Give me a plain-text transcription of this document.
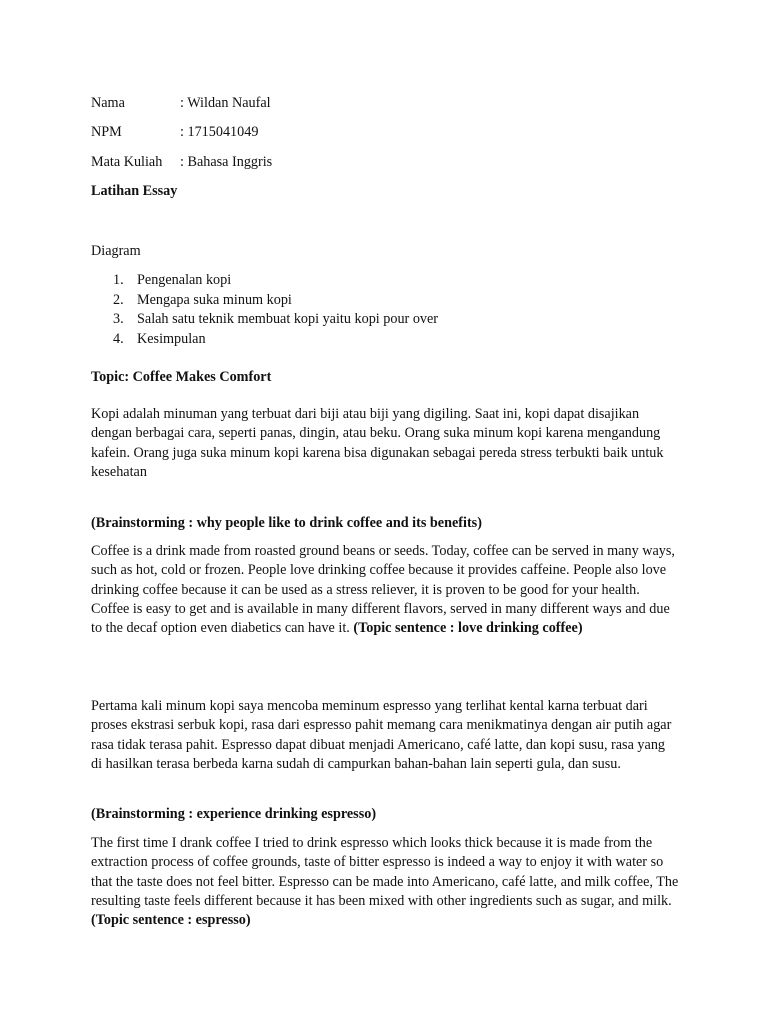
Nama	: Wildan Naufal
NPM	: 1715041049
Mata Kuliah	: Bahasa Inggris
Latihan Essay
Diagram
1. Pengenalan kopi
2. Mengapa suka minum kopi
3. Salah satu teknik membuat kopi yaitu kopi pour over
4. Kesimpulan
Topic: Coffee Makes Comfort

Kopi adalah minuman yang terbuat dari biji atau biji yang digiling. Saat ini, kopi dapat disajikan dengan berbagai cara, seperti panas, dingin, atau beku. Orang suka minum kopi karena mengandung kafein. Orang juga suka minum kopi karena bisa digunakan sebagai pereda stress terbukti baik untuk kesehatan

(Brainstorming : why people like to drink coffee and its benefits)

Coffee is a drink made from roasted ground beans or seeds. Today, coffee can be served in many ways, such as hot, cold or frozen. People love drinking coffee because it provides caffeine. People also love drinking coffee because it can be used as a stress reliever, it is proven to be good for your health. Coffee is easy to get and is available in many different flavors, served in many different ways and due to the decaf option even diabetics can have it. (Topic sentence : love drinking coffee)

Pertama kali minum kopi saya mencoba meminum espresso yang terlihat kental karna terbuat dari proses ekstrasi serbuk kopi, rasa dari espresso pahit memang cara menikmatinya dengan air putih agar rasa tidak terasa pahit. Espresso dapat dibuat menjadi Americano, café latte, dan kopi susu, rasa yang di hasilkan terasa berbeda karna sudah di campurkan bahan-bahan lain seperti gula, dan susu.

(Brainstorming : experience drinking espresso)

The first time I drank coffee I tried to drink espresso which looks thick because it is made from the extraction process of coffee grounds, taste of bitter espresso is indeed a way to enjoy it with water so that the taste does not feel bitter. Espresso can be made into Americano, café latte, and milk coffee, The resulting taste feels different because it has been mixed with other ingredients such as sugar, and milk. (Topic sentence : espresso)
